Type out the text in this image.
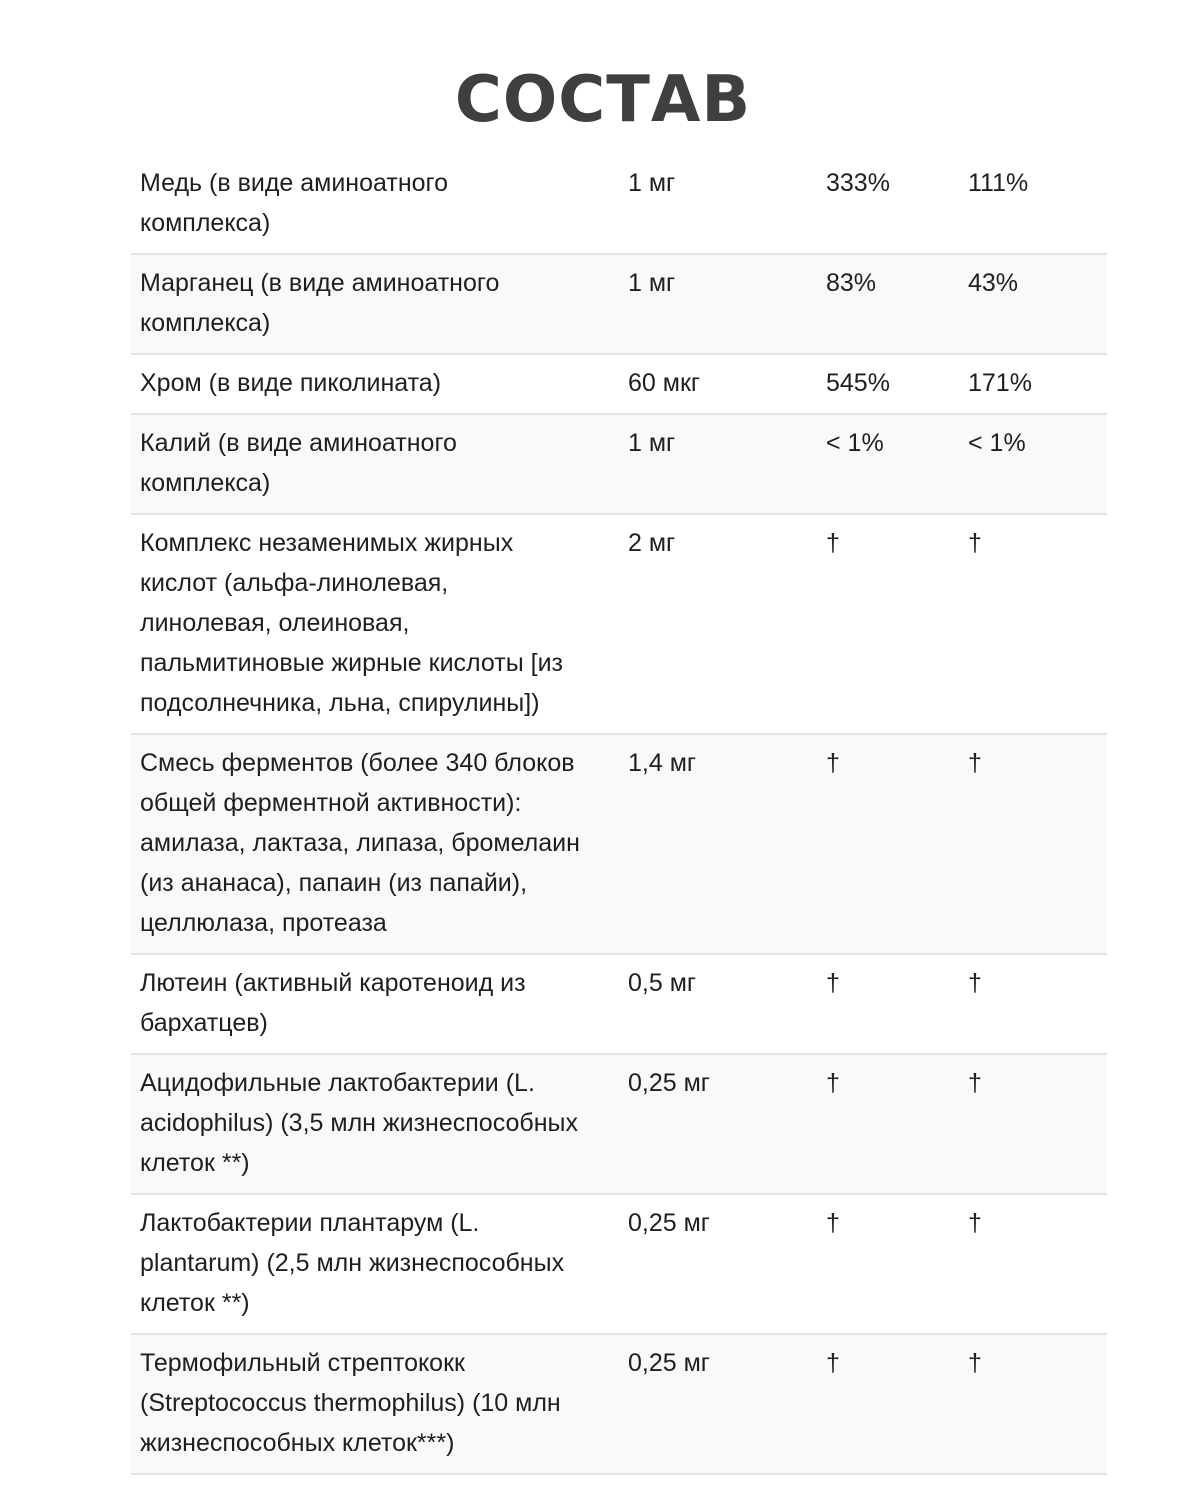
СОСТАВ
Медь (в виде аминоатного
комплекса)
1 мг	333%	111%
Марганец (в виде аминоатного
комплекса)
1 мг	83%	43%
Хром (в виде пиколината)	60 мкг	545%	171%
Калий (в виде аминоатного
комплекса)
1 мг	< 1%	< 1%
Комплекс незаменимых жирных
кислот (альфа-линолевая,
линолевая, олеиновая,
пальмитиновые жирные кислоты [из
подсолнечника, льна, спирулины])
2 мг	†	†
Смесь ферментов (более 340 блоков
общей ферментной активности):
амилаза, лактаза, липаза, бромелаин
(из ананаса), папаин (из папайи),
целлюлаза, протеаза
1,4 мг	†	†
Лютеин (активный каротеноид из
бархатцев)
0,5 мг	†	†
Ацидофильные лактобактерии (L.
acidophilus) (3,5 млн жизнеспособных
клеток **)
0,25 мг	†	†
Лактобактерии плантарум (L.
plantarum) (2,5 млн жизнеспособных
клеток **)
0,25 мг	†	†
Термофильный стрептококк
(Streptococcus thermophilus) (10 млн
жизнеспособных клеток***)
0,25 мг	†	†
